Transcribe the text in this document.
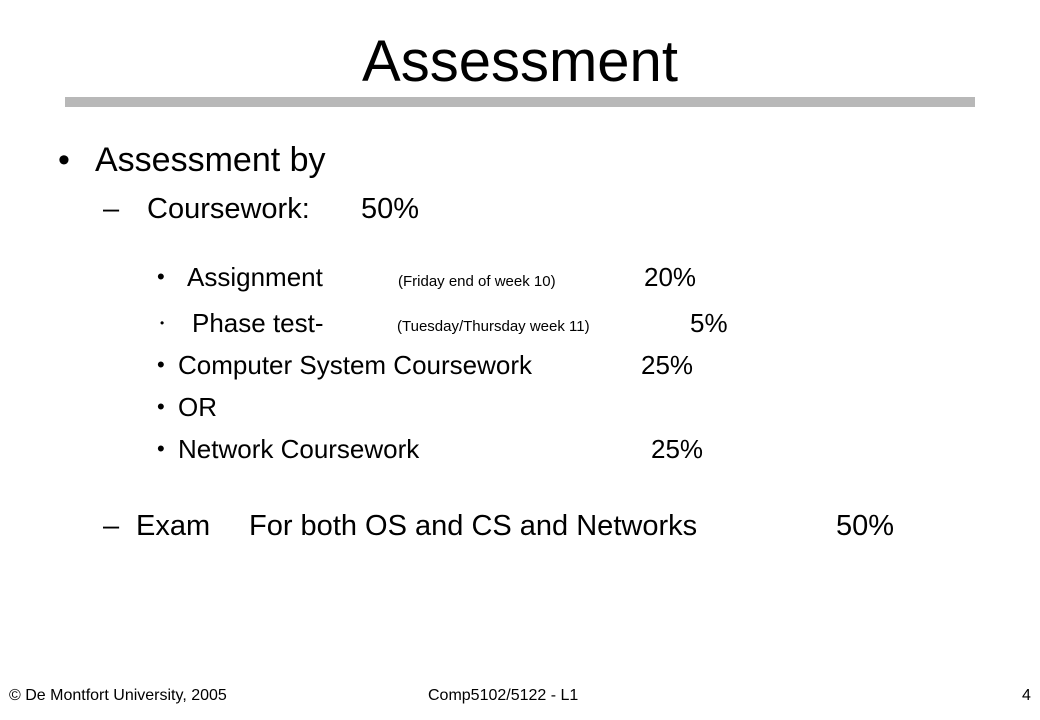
Assessment
• Assessment by
– Coursework: 50%
• Assignment	(Friday end of week 10)	20%
• Phase test-	(Tuesday/Thursday week 11)	5%
• Computer System Coursework	25%
• OR
• Network Coursework	25%
– Exam For both OS and CS and Networks	50%
© De Montfort University, 2005	Comp5102/5122 - L1	4
